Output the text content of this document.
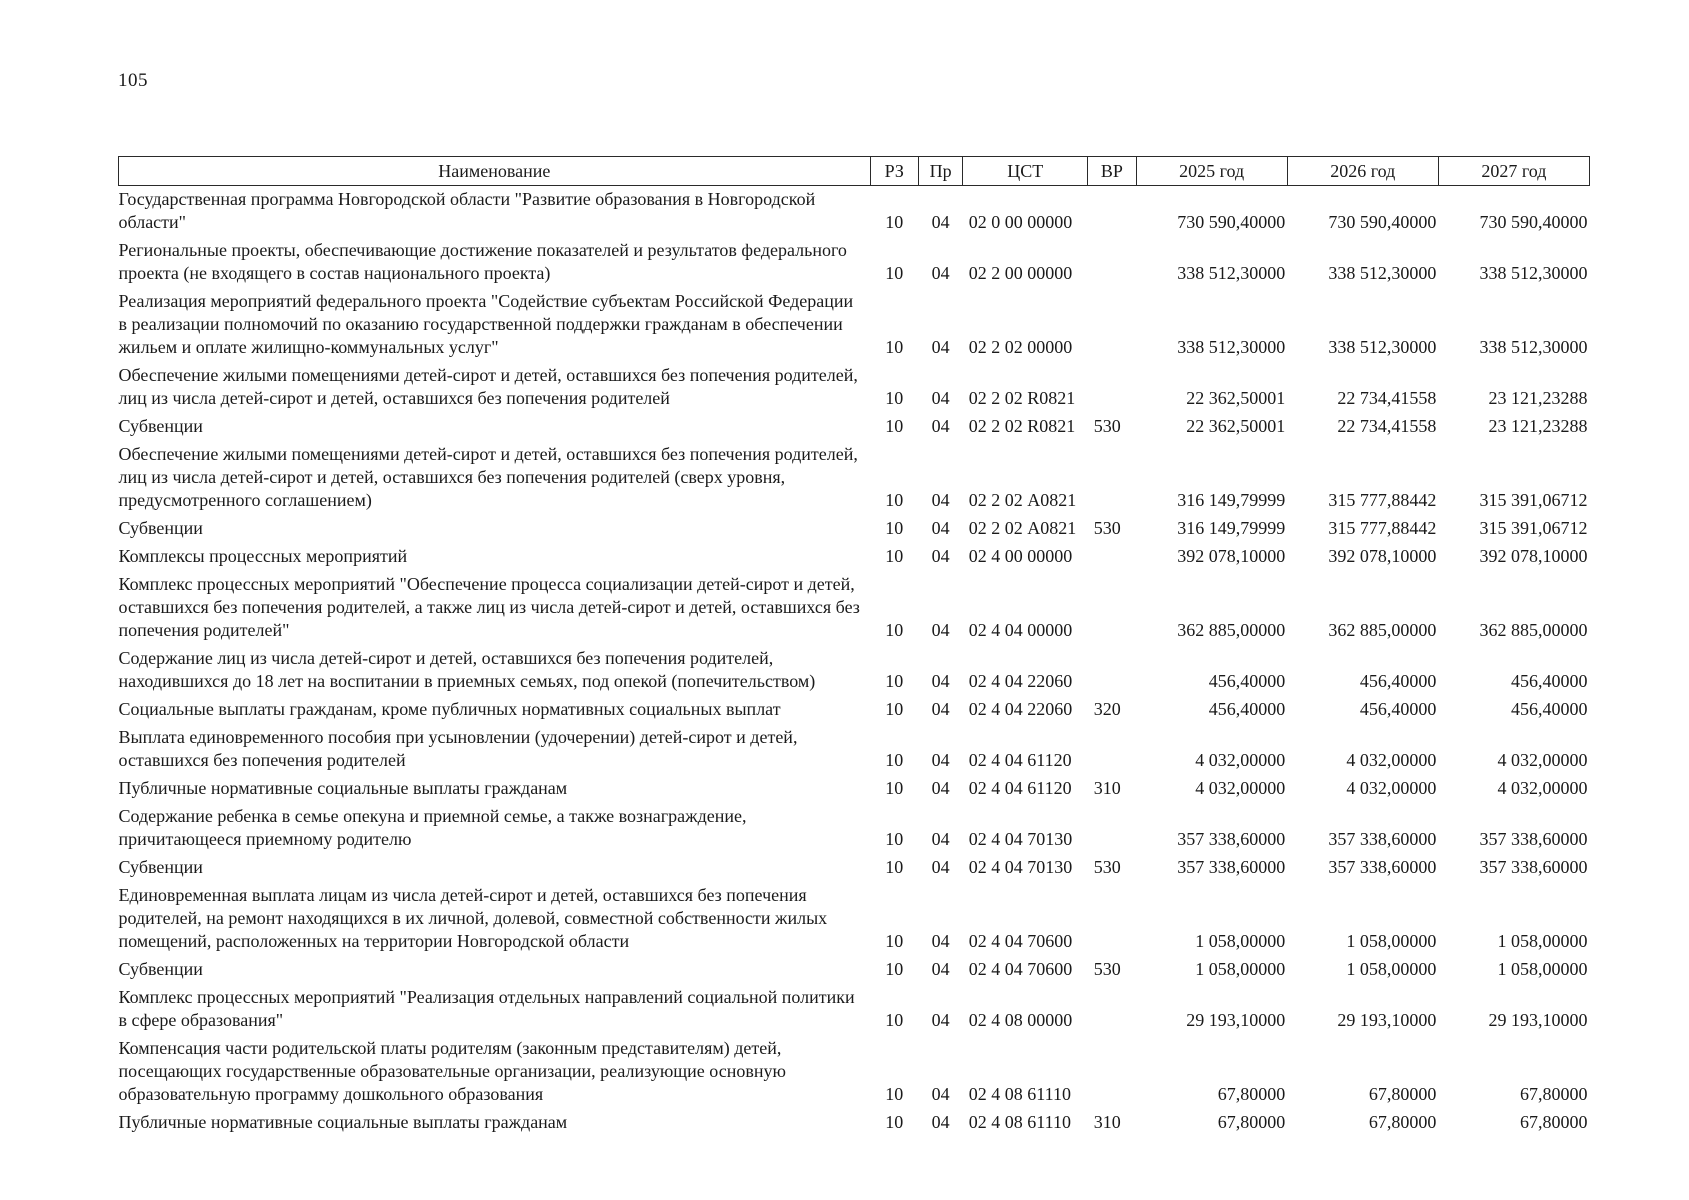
105
Наименование	РЗ	Пр	ЦСТ	ВР	2025 год	2026 год	2027 год
Государственная программа Новгородской области "Развитие образования в Новгородской области"	10	04	02 0 00 00000		730 590,40000	730 590,40000	730 590,40000
Региональные проекты, обеспечивающие достижение показателей и результатов федерального проекта (не входящего в состав национального проекта)	10	04	02 2 00 00000		338 512,30000	338 512,30000	338 512,30000
Реализация мероприятий федерального проекта "Содействие субъектам Российской Федерации в реализации полномочий по оказанию государственной поддержки гражданам в обеспечении жильем и оплате жилищно-коммунальных услуг"	10	04	02 2 02 00000		338 512,30000	338 512,30000	338 512,30000
Обеспечение жилыми помещениями детей-сирот и детей, оставшихся без попечения родителей, лиц из числа детей-сирот и детей, оставшихся без попечения родителей	10	04	02 2 02 R0821		22 362,50001	22 734,41558	23 121,23288
Субвенции	10	04	02 2 02 R0821	530	22 362,50001	22 734,41558	23 121,23288
Обеспечение жилыми помещениями детей-сирот и детей, оставшихся без попечения родителей, лиц из числа детей-сирот и детей, оставшихся без попечения родителей (сверх уровня, предусмотренного соглашением)	10	04	02 2 02 А0821		316 149,79999	315 777,88442	315 391,06712
Субвенции	10	04	02 2 02 А0821	530	316 149,79999	315 777,88442	315 391,06712
Комплексы процессных мероприятий	10	04	02 4 00 00000		392 078,10000	392 078,10000	392 078,10000
Комплекс процессных мероприятий "Обеспечение процесса социализации детей-сирот и детей, оставшихся без попечения родителей, а также лиц из числа детей-сирот и детей, оставшихся без попечения родителей"	10	04	02 4 04 00000		362 885,00000	362 885,00000	362 885,00000
Содержание лиц из числа детей-сирот и детей, оставшихся без попечения родителей, находившихся до 18 лет на воспитании в приемных семьях, под опекой (попечительством)	10	04	02 4 04 22060		456,40000	456,40000	456,40000
Социальные выплаты гражданам, кроме публичных нормативных социальных выплат	10	04	02 4 04 22060	320	456,40000	456,40000	456,40000
Выплата единовременного пособия при усыновлении (удочерении) детей-сирот и детей, оставшихся без попечения родителей	10	04	02 4 04 61120		4 032,00000	4 032,00000	4 032,00000
Публичные нормативные социальные выплаты гражданам	10	04	02 4 04 61120	310	4 032,00000	4 032,00000	4 032,00000
Содержание ребенка в семье опекуна и приемной семье, а также вознаграждение, причитающееся приемному родителю	10	04	02 4 04 70130		357 338,60000	357 338,60000	357 338,60000
Субвенции	10	04	02 4 04 70130	530	357 338,60000	357 338,60000	357 338,60000
Единовременная выплата лицам из числа детей-сирот и детей, оставшихся без попечения родителей, на ремонт находящихся в их личной, долевой, совместной собственности жилых помещений, расположенных на территории Новгородской области	10	04	02 4 04 70600		1 058,00000	1 058,00000	1 058,00000
Субвенции	10	04	02 4 04 70600	530	1 058,00000	1 058,00000	1 058,00000
Комплекс процессных мероприятий "Реализация отдельных направлений социальной политики в сфере образования"	10	04	02 4 08 00000		29 193,10000	29 193,10000	29 193,10000
Компенсация части родительской платы родителям (законным представителям) детей, посещающих государственные образовательные организации, реализующие основную образовательную программу дошкольного образования	10	04	02 4 08 61110		67,80000	67,80000	67,80000
Публичные нормативные социальные выплаты гражданам	10	04	02 4 08 61110	310	67,80000	67,80000	67,80000
